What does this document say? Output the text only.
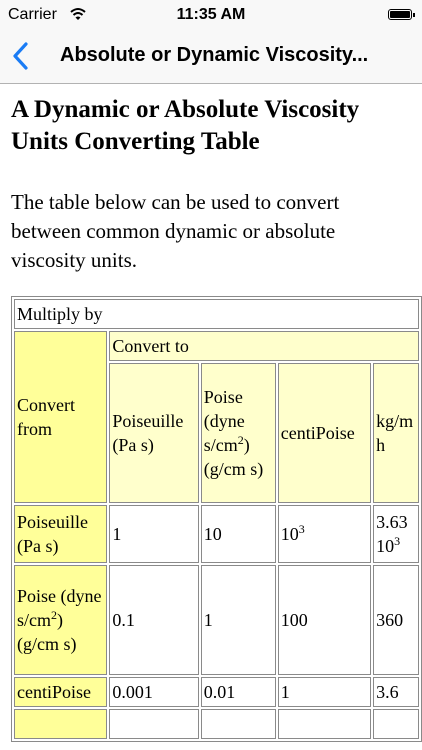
Carrier	11:35 AM
Absolute or Dynamic Viscosity...
A Dynamic or Absolute Viscosity Units Converting Table

The table below can be used to convert between common dynamic or absolute viscosity units.

Multiply by				
Convert from	Convert to			
	Poiseuille (Pa s)	Poise (dyne $s/cm^2$) (g/cm s)	centiPoise	kg/m h
Poiseuille (Pa s)	1	10	$10^3$	3.63 $10^3$
Poise (dyne $s/cm^2$) (g/cm s)	0.1	1	100	360
centiPoise	0.001	0.01	1	3.6
